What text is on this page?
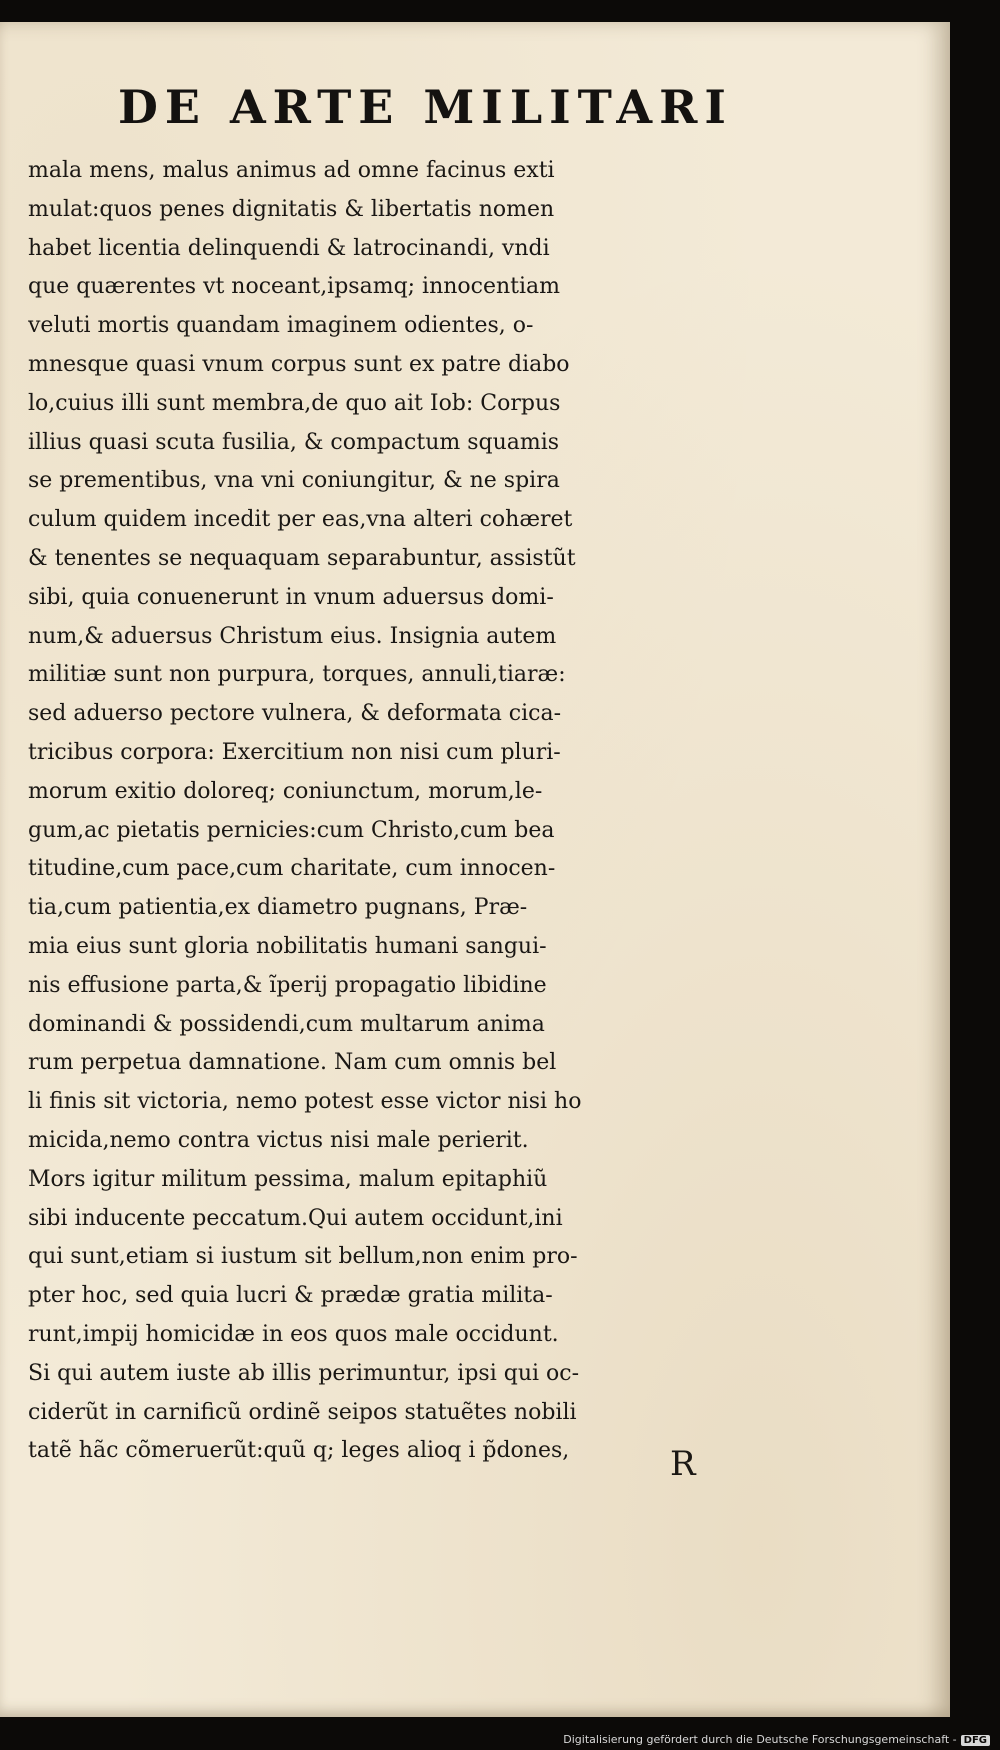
DE ARTE MILITARI
mala mens, malus animus ad omne facinus exti
mulat:quos penes dignitatis & libertatis nomen
habet licentia delinquendi & latrocinandi, vndi
que quærentes vt noceant,ipsamq; innocentiam
veluti mortis quandam imaginem odientes, o-
mnesque quasi vnum corpus sunt ex patre diabo
lo,cuius illi sunt membra,de quo ait Iob: Corpus
illius quasi scuta fusilia, & compactum squamis
se prementibus, vna vni coniungitur, & ne spira
culum quidem incedit per eas,vna alteri cohæret
& tenentes se nequaquam separabuntur, assistũt
sibi, quia conuenerunt in vnum aduersus domi-
num,& aduersus Christum eius. Insignia autem
militiæ sunt non purpura, torques, annuli,tiaræ:
sed aduerso pectore vulnera, & deformata cica-
tricibus corpora: Exercitium non nisi cum pluri-
morum exitio doloreq; coniunctum, morum,le-
gum,ac pietatis pernicies:cum Christo,cum bea
titudine,cum pace,cum charitate, cum innocen-
tia,cum patientia,ex diametro pugnans, Præ-
mia eius sunt gloria nobilitatis humani sangui-
nis effusione parta,& ĩperij propagatio libidine
dominandi & possidendi,cum multarum anima
rum perpetua damnatione. Nam cum omnis bel
li finis sit victoria, nemo potest esse victor nisi ho
micida,nemo contra victus nisi male perierit.
Mors igitur militum pessima, malum epitaphiũ
sibi inducente peccatum.Qui autem occidunt,ini
qui sunt,etiam si iustum sit bellum,non enim pro-
pter hoc, sed quia lucri & prædæ gratia milita-
runt,impij homicidæ in eos quos male occidunt.
Si qui autem iuste ab illis perimuntur, ipsi qui oc-
ciderũt in carnificũ ordinẽ seipos statuẽtes nobili
tatẽ hãc cõmeruerũt:quũ q; leges alioq i p̃dones,	R
Digitalisierung gefördert durch die Deutsche Forschungsgemeinschaft - DFG
